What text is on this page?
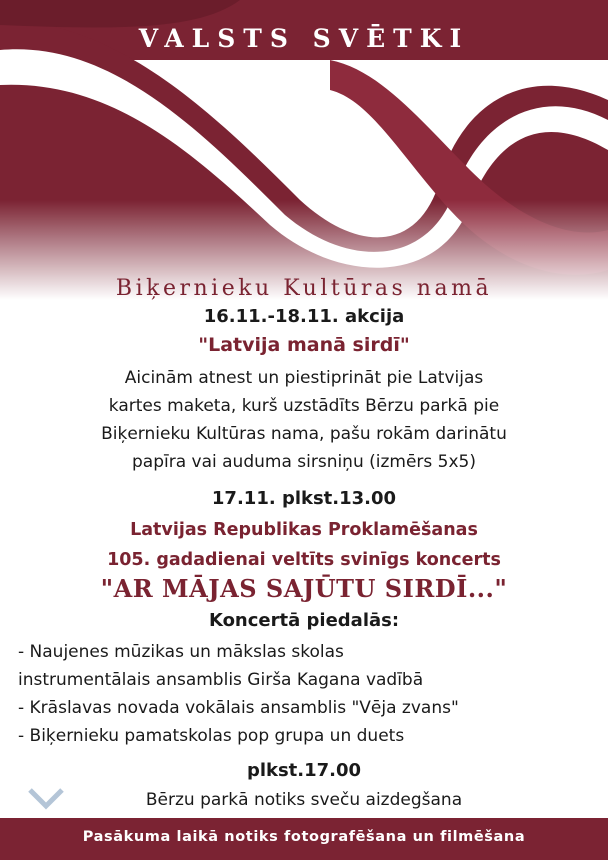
VALSTS SVĒTKI
Biķernieku Kultūras namā
16.11.-18.11. akcija
"Latvija manā sirdī"
Aicinām atnest un piestiprināt pie Latvijas
kartes maketa, kurš uzstādīts Bērzu parkā pie
Biķernieku Kultūras nama, pašu rokām darinātu
papīra vai auduma sirsniņu (izmērs 5x5)
17.11. plkst.13.00
Latvijas Republikas Proklamēšanas
105. gadadienai veltīts svinīgs koncerts
"AR MĀJAS SAJŪTU SIRDĪ..."
Koncertā piedalās:
- Naujenes mūzikas un mākslas skolas
instrumentālais ansamblis Girša Kagana vadībā
- Krāslavas novada vokālais ansamblis "Vēja zvans"
- Biķernieku pamatskolas pop grupa un duets
plkst.17.00
Bērzu parkā notiks sveču aizdegšana
Pasākuma laikā notiks fotografēšana un filmēšana
